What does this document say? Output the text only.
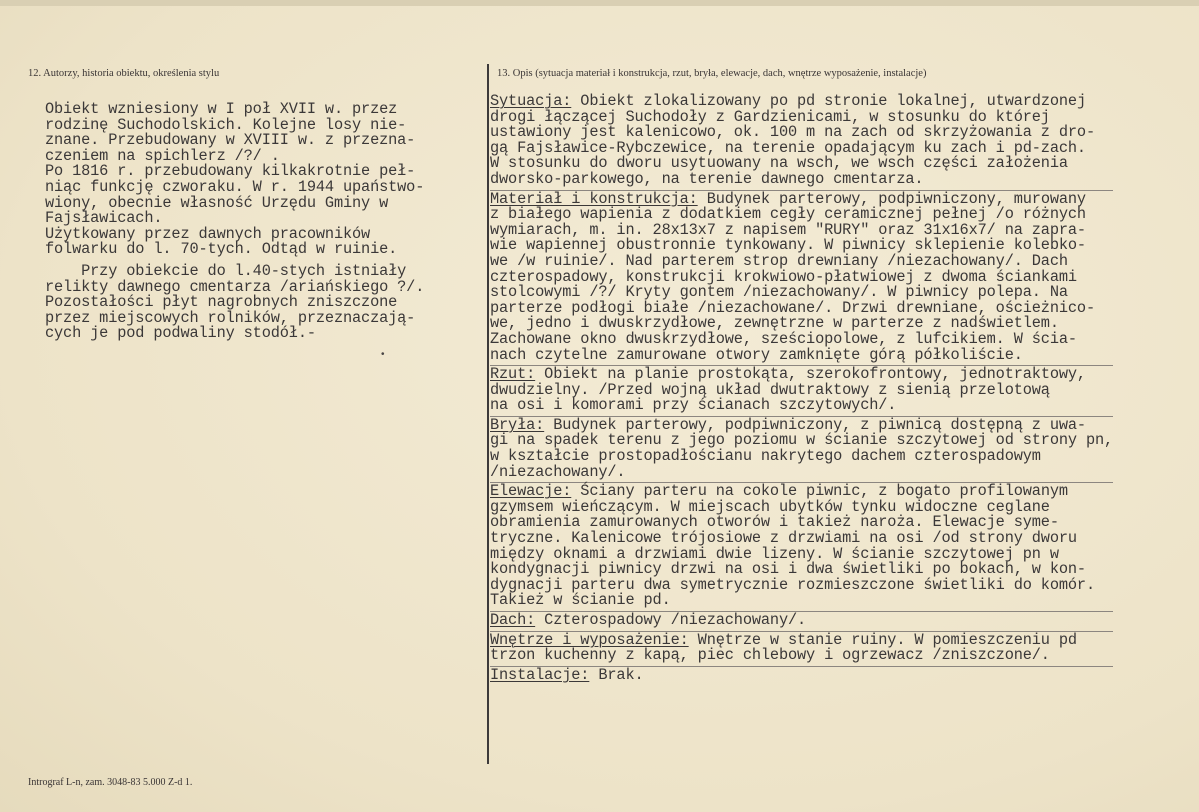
12. Autorzy, historia obiektu, określenia stylu	13. Opis (sytuacja materiał i konstrukcja, rzut, bryła, elewacje, dach, wnętrze wyposażenie, instalacje)
Obiekt wzniesiony w I poł XVII w. przez
rodzinę Suchodolskich. Kolejne losy nie-
znane. Przebudowany w XVIII w. z przezna-
czeniem na spichlerz /?/ .
Po 1816 r. przebudowany kilkakrotnie peł-
niąc funkcję czworaku. W r. 1944 upaństwo-
wiony, obecnie własność Urzędu Gminy w
Fajsławicach.
Użytkowany przez dawnych pracowników
folwarku do l. 70-tych. Odtąd w ruinie.
Przy obiekcie do l.40-stych istniały
relikty dawnego cmentarza /ariańskiego ?/.
Pozostałości płyt nagrobnych zniszczone
przez miejscowych rolników, przeznaczają-
cych je pod podwaliny stodół.-
Sytuacja: Obiekt zlokalizowany po pd stronie lokalnej, utwardzonej
drogi łączącej Suchodoły z Gardzienicami, w stosunku do której
ustawiony jest kalenicowo, ok. 100 m na zach od skrzyżowania z dro-
gą Fajsławice-Rybczewice, na terenie opadającym ku zach i pd-zach.
W stosunku do dworu usytuowany na wsch, we wsch części założenia
dworsko-parkowego, na terenie dawnego cmentarza.
Materiał i konstrukcja: Budynek parterowy, podpiwniczony, murowany
z białego wapienia z dodatkiem cegły ceramicznej pełnej /o różnych
wymiarach, m. in. 28x13x7 z napisem "RURY" oraz 31x16x7/ na zapra-
wie wapiennej obustronnie tynkowany. W piwnicy sklepienie kolebko-
we /w ruinie/. Nad parterem strop drewniany /niezachowany/. Dach
czterospadowy, konstrukcji krokwiowo-płatwiowej z dwoma ściankami
stolcowymi /?/ Kryty gontem /niezachowany/. W piwnicy polepa. Na
parterze podłogi białe /niezachowane/. Drzwi drewniane, ościeżnico-
we, jedno i dwuskrzydłowe, zewnętrzne w parterze z nadświetlem.
Zachowane okno dwuskrzydłowe, sześciopolowe, z lufcikiem. W ścia-
nach czytelne zamurowane otwory zamknięte górą półkoliście.
Rzut: Obiekt na planie prostokąta, szerokofrontowy, jednotraktowy,
dwudzielny. /Przed wojną układ dwutraktowy z sienią przelotową
na osi i komorami przy ścianach szczytowych/.
Bryła: Budynek parterowy, podpiwniczony, z piwnicą dostępną z uwa-
gi na spadek terenu z jego poziomu w ścianie szczytowej od strony pn,
w kształcie prostopadłościanu nakrytego dachem czterospadowym
/niezachowany/.
Elewacje: Ściany parteru na cokole piwnic, z bogato profilowanym
gzymsem wieńczącym. W miejscach ubytków tynku widoczne ceglane
obramienia zamurowanych otworów i takież naroża. Elewacje syme-
tryczne. Kalenicowe trójosiowe z drzwiami na osi /od strony dworu
między oknami a drzwiami dwie lizeny. W ścianie szczytowej pn w
kondygnacji piwnicy drzwi na osi i dwa świetliki po bokach, w kon-
dygnacji parteru dwa symetrycznie rozmieszczone świetliki do komór.
Takież w ścianie pd.
Dach: Czterospadowy /niezachowany/.
Wnętrze i wyposażenie: Wnętrze w stanie ruiny. W pomieszczeniu pd
trzon kuchenny z kapą, piec chlebowy i ogrzewacz /zniszczone/.
Instalacje: Brak.
Intrograf L-n, zam. 3048-83 5.000 Z-d 1.
•
